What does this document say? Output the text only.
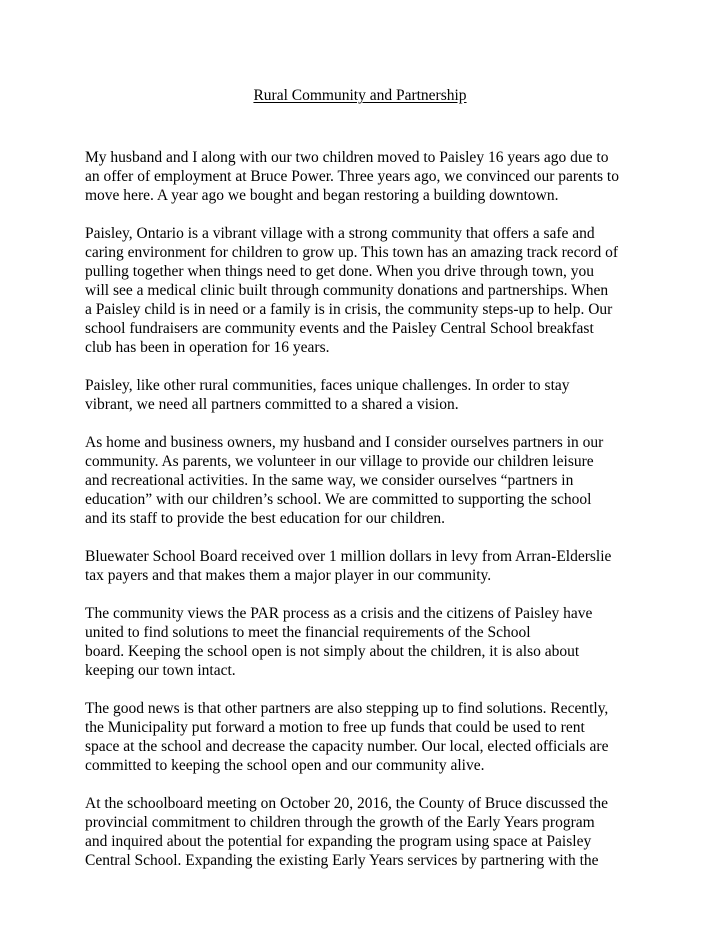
Rural Community and Partnership
My husband and I along with our two children moved to Paisley 16 years ago due to
an offer of employment at Bruce Power. Three years ago, we convinced our parents to
move here. A year ago we bought and began restoring a building downtown.
Paisley, Ontario is a vibrant village with a strong community that offers a safe and
caring environment for children to grow up. This town has an amazing track record of
pulling together when things need to get done. When you drive through town, you
will see a medical clinic built through community donations and partnerships. When
a Paisley child is in need or a family is in crisis, the community steps-up to help. Our
school fundraisers are community events and the Paisley Central School breakfast
club has been in operation for 16 years.
Paisley, like other rural communities, faces unique challenges. In order to stay
vibrant, we need all partners committed to a shared a vision.
As home and business owners, my husband and I consider ourselves partners in our
community. As parents, we volunteer in our village to provide our children leisure
and recreational activities. In the same way, we consider ourselves “partners in
education” with our children’s school. We are committed to supporting the school
and its staff to provide the best education for our children.
Bluewater School Board received over 1 million dollars in levy from Arran-Elderslie
tax payers and that makes them a major player in our community.
The community views the PAR process as a crisis and the citizens of Paisley have
united to find solutions to meet the financial requirements of the School
board. Keeping the school open is not simply about the children, it is also about
keeping our town intact.
The good news is that other partners are also stepping up to find solutions. Recently,
the Municipality put forward a motion to free up funds that could be used to rent
space at the school and decrease the capacity number. Our local, elected officials are
committed to keeping the school open and our community alive.
At the schoolboard meeting on October 20, 2016, the County of Bruce discussed the
provincial commitment to children through the growth of the Early Years program
and inquired about the potential for expanding the program using space at Paisley
Central School. Expanding the existing Early Years services by partnering with the
